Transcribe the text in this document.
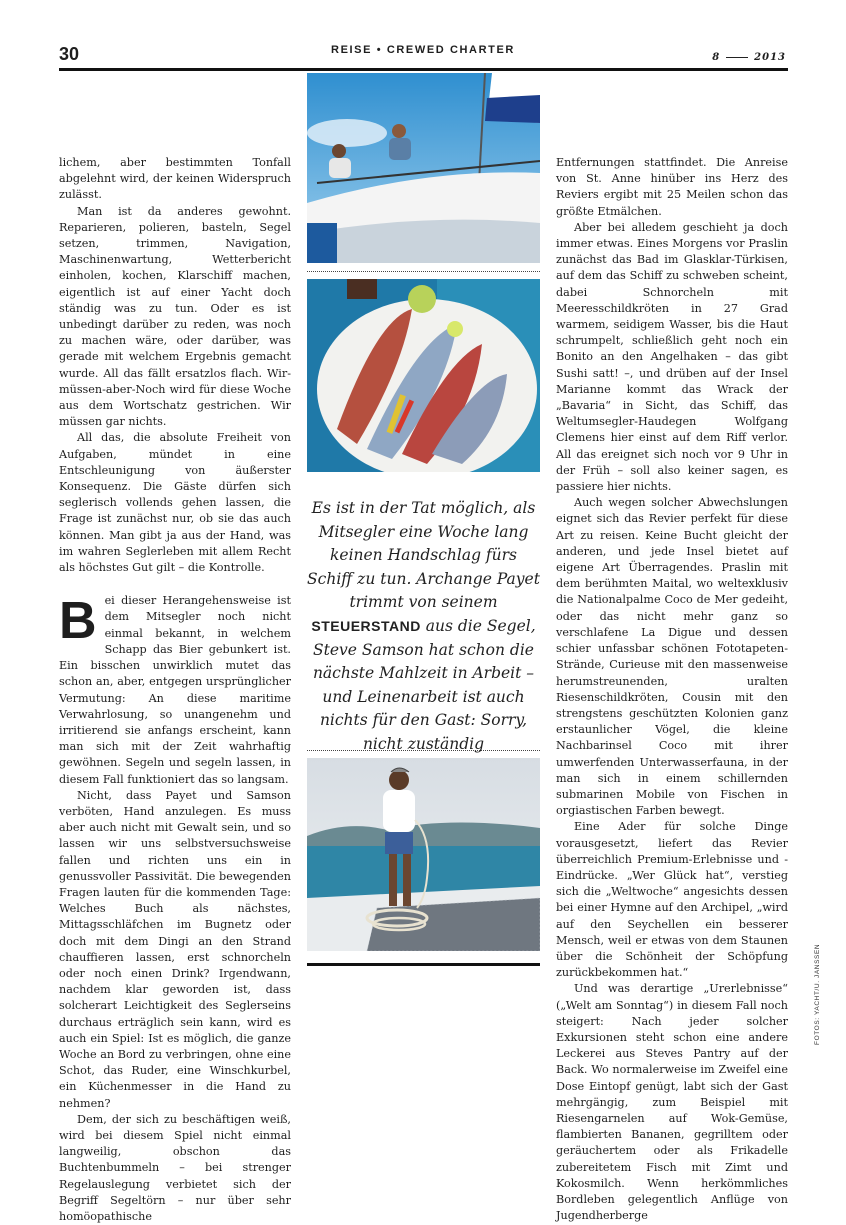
30	REISE • CREWED CHARTER
8	2013

lichem, aber bestimmten Tonfall abgelehnt wird, der keinen Widerspruch zulässt.

Man ist da anderes gewohnt. Reparieren, polieren, basteln, Segel setzen, trimmen, Navigation, Maschinenwartung, Wetterbericht einholen, kochen, Klarschiff machen, eigentlich ist auf einer Yacht doch ständig was zu tun. Oder es ist unbedingt darüber zu reden, was noch zu machen wäre, oder darüber, was gerade mit welchem Ergebnis gemacht wurde. All das fällt ersatzlos flach. Wir-müssen-aber-Noch wird für diese Woche aus dem Wortschatz gestrichen. Wir müssen gar nichts.

All das, die absolute Freiheit von Aufgaben, mündet in eine Entschleunigung von äußerster Konsequenz. Die Gäste dürfen sich seglerisch vollends gehen lassen, die Frage ist zunächst nur, ob sie das auch können. Man gibt ja aus der Hand, was im wahren Seglerleben mit allem Recht als höchstes Gut gilt – die Kontrolle.

Bei dieser Herangehensweise ist dem Mitsegler noch nicht einmal bekannt, in welchem Schapp das Bier gebunkert ist. Ein bisschen unwirklich mutet das schon an, aber, entgegen ursprünglicher Vermutung: An diese maritime Verwahrlosung, so unangenehm und irritierend sie anfangs erscheint, kann man sich mit der Zeit wahrhaftig gewöhnen. Segeln und segeln lassen, in diesem Fall funktioniert das so langsam.

Nicht, dass Payet und Samson verböten, Hand anzulegen. Es muss aber auch nicht mit Gewalt sein, und so lassen wir uns selbstversuchsweise fallen und richten uns ein in genussvoller Passivität. Die bewegenden Fragen lauten für die kommenden Tage: Welches Buch als nächstes, Mittagsschläfchen im Bugnetz oder doch mit dem Dingi an den Strand chauffieren lassen, erst schnorcheln oder noch einen Drink? Irgendwann, nachdem klar geworden ist, dass solcherart Leichtigkeit des Seglerseins durchaus erträglich sein kann, wird es auch ein Spiel: Ist es möglich, die ganze Woche an Bord zu verbringen, ohne eine Schot, das Ruder, eine Winschkurbel, ein Küchenmesser in die Hand zu nehmen?

Dem, der sich zu beschäftigen weiß, wird bei diesem Spiel nicht einmal langweilig, obschon das Buchtenbummeln – bei strenger Regelauslegung verbietet sich der Begriff Segeltörn – nur über sehr homöopathische

Es ist in der Tat möglich, als Mitsegler eine Woche lang keinen Handschlag fürs Schiff zu tun. Archange Payet trimmt von seinem STEUERSTAND aus die Segel, Steve Samson hat schon die nächste Mahlzeit in Arbeit – und Leinenarbeit ist auch nichts für den Gast: Sorry, nicht zuständig

Entfernungen stattfindet. Die Anreise von St. Anne hinüber ins Herz des Reviers ergibt mit 25 Meilen schon das größte Etmälchen.

Aber bei alledem geschieht ja doch immer etwas. Eines Morgens vor Praslin zunächst das Bad im Glasklar-Türkisen, auf dem das Schiff zu schweben scheint, dabei Schnorcheln mit Meeresschildkröten in 27 Grad warmem, seidigem Wasser, bis die Haut schrumpelt, schließlich geht noch ein Bonito an den Angelhaken – das gibt Sushi satt! –, und drüben auf der Insel Marianne kommt das Wrack der „Bavaria“ in Sicht, das Schiff, das Weltumsegler-Haudegen Wolfgang Clemens hier einst auf dem Riff verlor. All das ereignet sich noch vor 9 Uhr in der Früh – soll also keiner sagen, es passiere hier nichts.

Auch wegen solcher Abwechslungen eignet sich das Revier perfekt für diese Art zu reisen. Keine Bucht gleicht der anderen, und jede Insel bietet auf eigene Art Überragendes. Praslin mit dem berühmten Maital, wo weltexklusiv die Nationalpalme Coco de Mer gedeiht, oder das nicht mehr ganz so verschlafene La Digue und dessen schier unfassbar schönen Fototapeten-Strände, Curieuse mit den massenweise herumstreunenden, uralten Riesenschildkröten, Cousin mit den strengstens geschützten Kolonien ganz erstaunlicher Vögel, die kleine Nachbarinsel Coco mit ihrer umwerfenden Unterwasserfauna, in der man sich in einem schillernden submarinen Mobile von Fischen in orgiastischen Farben bewegt.

Eine Ader für solche Dinge vorausgesetzt, liefert das Revier überreichlich Premium-Erlebnisse und -Eindrücke. „Wer Glück hat“, verstieg sich die „Weltwoche“ angesichts dessen bei einer Hymne auf den Archipel, „wird auf den Seychellen ein besserer Mensch, weil er etwas von dem Staunen über die Schönheit der Schöpfung zurückbekommen hat.“

Und was derartige „Urerlebnisse“ („Welt am Sonntag“) in diesem Fall noch steigert: Nach jeder solcher Exkursionen steht schon eine andere Leckerei aus Steves Pantry auf der Back. Wo normalerweise im Zweifel eine Dose Eintopf genügt, labt sich der Gast mehrgängig, zum Beispiel mit Riesengarnelen auf Wok-Gemüse, flambierten Bananen, gegrilltem oder geräuchertem oder als Frikadelle zubereitetem Fisch mit Zimt und Kokosmilch. Wenn herkömmliches Bordleben gelegentlich Anflüge von Jugendherberge

FOTOS: YACHT/U. JANSSEN
